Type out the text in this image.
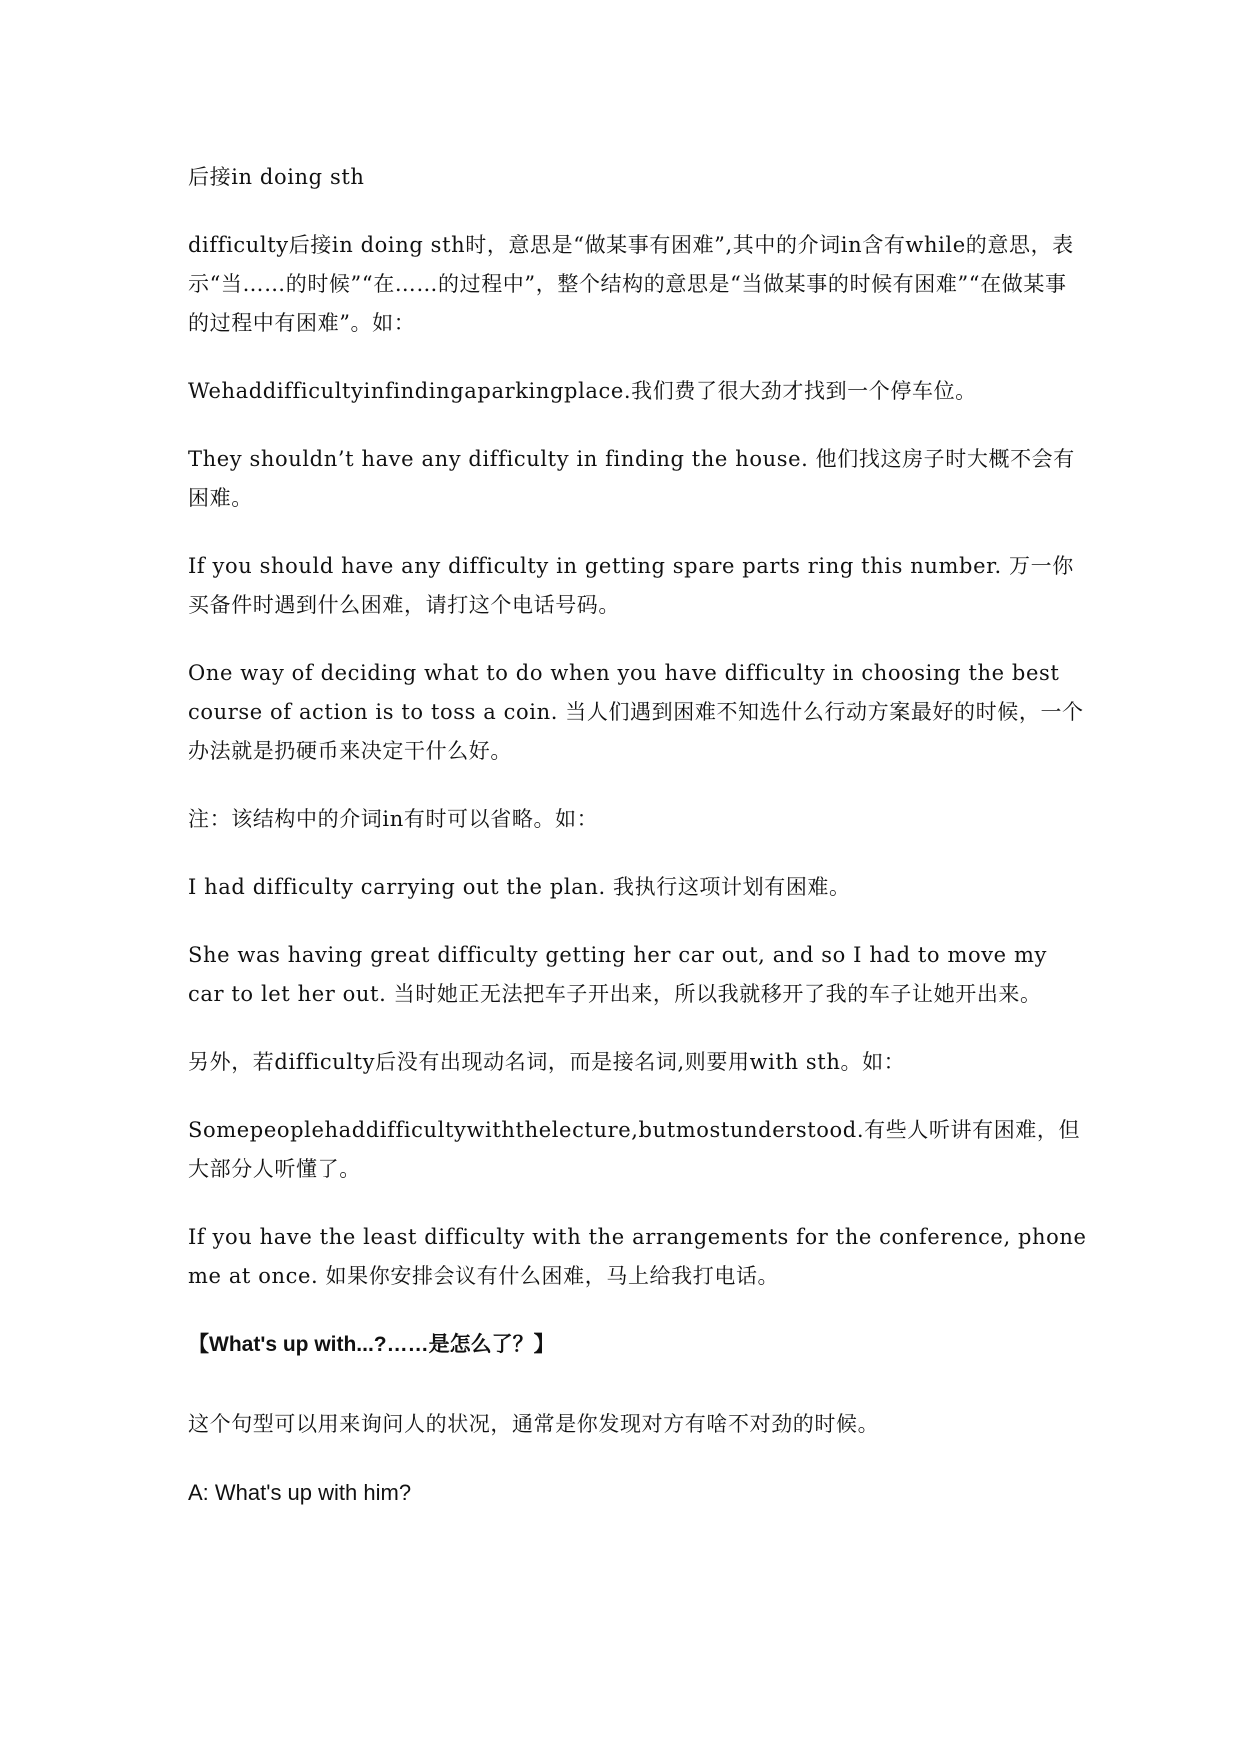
后接in doing sth

difficulty后接in doing sth时，意思是“做某事有困难”,其中的介词in含有while的意思，表示“当……的时候”“在……的过程中”，整个结构的意思是“当做某事的时候有困难”“在做某事的过程中有困难”。如：

Wehaddifficultyinfindingaparkingplace.我们费了很大劲才找到一个停车位。

They shouldn’t have any difficulty in finding the house. 他们找这房子时大概不会有困难。

If you should have any difficulty in getting spare parts ring this number. 万一你买备件时遇到什么困难，请打这个电话号码。

One way of deciding what to do when you have difficulty in choosing the best course of action is to toss a coin. 当人们遇到困难不知选什么行动方案最好的时候，一个办法就是扔硬币来决定干什么好。

注：该结构中的介词in有时可以省略。如：

I had difficulty carrying out the plan. 我执行这项计划有困难。

She was having great difficulty getting her car out, and so I had to move my car to let her out. 当时她正无法把车子开出来，所以我就移开了我的车子让她开出来。

另外，若difficulty后没有出现动名词，而是接名词,则要用with sth。如：

Somepeoplehaddifficultywiththelecture,butmostunderstood.有些人听讲有困难，但大部分人听懂了。

If you have the least difficulty with the arrangements for the conference, phone me at once. 如果你安排会议有什么困难，马上给我打电话。

【What's up with...?……是怎么了？】

这个句型可以用来询问人的状况，通常是你发现对方有啥不对劲的时候。

A: What's up with him?
